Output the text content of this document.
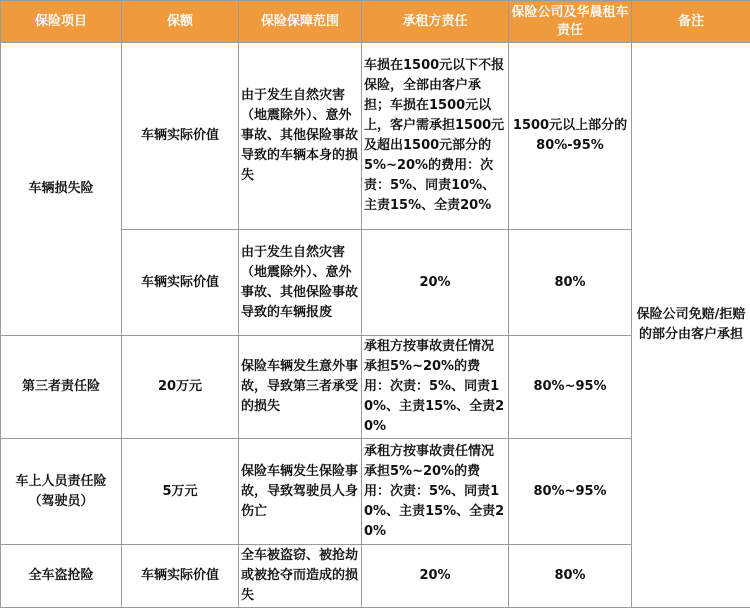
保险项目	保额	保险保障范围	承租方责任	保险公司及华晨租车责任	备注
车辆损失险	车辆实际价值	由于发生自然灾害（地震除外）、意外事故、其他保险事故导致的车辆本身的损失	车损在1500元以下不报保险，全部由客户承担；车损在1500元以上，客户需承担1500元及超出1500元部分的5%~20%的费用：次责：5%、同责10%、主责15%、全责20%	1500元以上部分的80%-95%	保险公司免赔/拒赔的部分由客户承担
	车辆实际价值	由于发生自然灾害（地震除外）、意外事故、其他保险事故导致的车辆报废	20%	80%	
第三者责任险	20万元	保险车辆发生意外事故，导致第三者承受的损失	承租方按事故责任情况承担5%~20%的费用：次责：5%、同责10%、主责15%、全责20%	80%~95%	
车上人员责任险（驾驶员）	5万元	保险车辆发生保险事故，导致驾驶员人身伤亡	承租方按事故责任情况承担5%~20%的费用：次责：5%、同责10%、主责15%、全责20%	80%~95%	
全车盗抢险	车辆实际价值	全车被盗窃、被抢劫或被抢夺而造成的损失	20%	80%	
